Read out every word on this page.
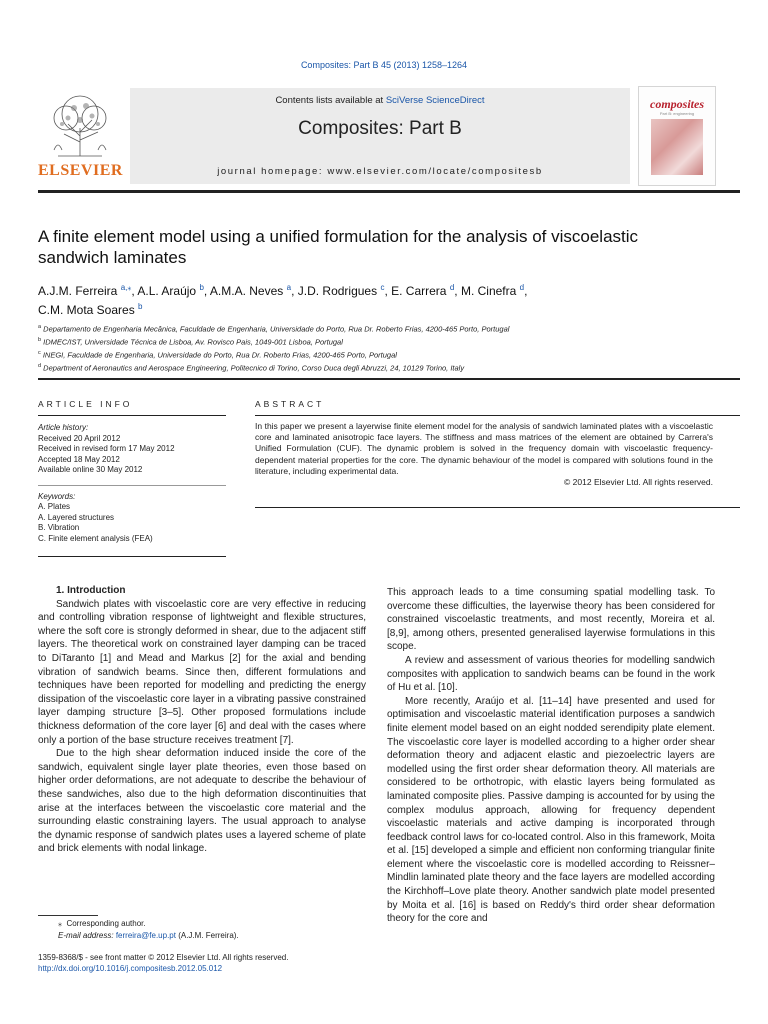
Composites: Part B 45 (2013) 1258–1264
ELSEVIER
Contents lists available at SciVerse ScienceDirect
Composites: Part B
journal homepage: www.elsevier.com/locate/compositesb
composites
Part B: engineering
A finite element model using a unified formulation for the analysis of viscoelastic sandwich laminates
A.J.M. Ferreira $^{a,⁎}$, A.L. Araújo $^b$, A.M.A. Neves $^a$, J.D. Rodrigues $^c$, E. Carrera $^d$, M. Cinefra $^d$,
C.M. Mota Soares $^b$
$^a$ Departamento de Engenharia Mecânica, Faculdade de Engenharia, Universidade do Porto, Rua Dr. Roberto Frias, 4200-465 Porto, Portugal
$^b$ IDMEC/IST, Universidade Técnica de Lisboa, Av. Rovisco Pais, 1049-001 Lisboa, Portugal
$^c$ INEGI, Faculdade de Engenharia, Universidade do Porto, Rua Dr. Roberto Frias, 4200-465 Porto, Portugal
$^d$ Department of Aeronautics and Aerospace Engineering, Politecnico di Torino, Corso Duca degli Abruzzi, 24, 10129 Torino, Italy
ARTICLE INFO
Article history:
Received 20 April 2012
Received in revised form 17 May 2012
Accepted 18 May 2012
Available online 30 May 2012
Keywords:
A. Plates
A. Layered structures
B. Vibration
C. Finite element analysis (FEA)
ABSTRACT
In this paper we present a layerwise finite element model for the analysis of sandwich laminated plates with a viscoelastic core and laminated anisotropic face layers. The stiffness and mass matrices of the element are obtained by Carrera's Unified Formulation (CUF). The dynamic problem is solved in the frequency domain with viscoelastic frequency-dependent material properties for the core. The dynamic behaviour of the model is compared with solutions found in the literature, including experimental data.
© 2012 Elsevier Ltd. All rights reserved.

1. Introduction

Sandwich plates with viscoelastic core are very effective in reducing and controlling vibration response of lightweight and flexible structures, where the soft core is strongly deformed in shear, due to the adjacent stiff layers. The theoretical work on constrained layer damping can be traced to DiTaranto [1] and Mead and Markus [2] for the axial and bending vibration of sandwich beams. Since then, different formulations and techniques have been reported for modelling and predicting the energy dissipation of the viscoelastic core layer in a vibrating passive constrained layer damping structure [3–5]. Other proposed formulations include thickness deformation of the core layer [6] and deal with the cases where only a portion of the base structure receives treatment [7].

Due to the high shear deformation induced inside the core of the sandwich, equivalent single layer plate theories, even those based on higher order deformations, are not adequate to describe the behaviour of these sandwiches, also due to the high deformation discontinuities that arise at the interfaces between the viscoelastic core material and the surrounding elastic constraining layers. The usual approach to analyse the dynamic response of sandwich plates uses a layered scheme of plate and brick elements with nodal linkage.

This approach leads to a time consuming spatial modelling task. To overcome these difficulties, the layerwise theory has been considered for constrained viscoelastic treatments, and most recently, Moreira et al. [8,9], among others, presented generalised layerwise formulations in this scope.

A review and assessment of various theories for modelling sandwich composites with application to sandwich beams can be found in the work of Hu et al. [10].

More recently, Araújo et al. [11–14] have presented and used for optimisation and viscoelastic material identification purposes a sandwich finite element model based on an eight nodded serendipity plate element. The viscoelastic core layer is modelled according to a higher order shear deformation theory and adjacent elastic and piezoelectric layers are modelled using the first order shear deformation theory. All materials are considered to be orthotropic, with elastic layers being formulated as laminated composite plies. Passive damping is accounted for by using the complex modulus approach, allowing for frequency dependent viscoelastic materials and active damping is incorporated through feedback control laws for co-located control. Also in this framework, Moita et al. [15] developed a simple and efficient non conforming triangular finite element where the viscoelastic core is modelled according to Reissner–Mindlin laminated plate theory and the face layers are modelled according the Kirchhoff–Love plate theory. Another sandwich plate model presented by Moita et al. [16] is based on Reddy's third order shear deformation theory for the core and

⁎ Corresponding author.
E-mail address: ferreira@fe.up.pt (A.J.M. Ferreira).
1359-8368/$ - see front matter © 2012 Elsevier Ltd. All rights reserved.
http://dx.doi.org/10.1016/j.compositesb.2012.05.012
